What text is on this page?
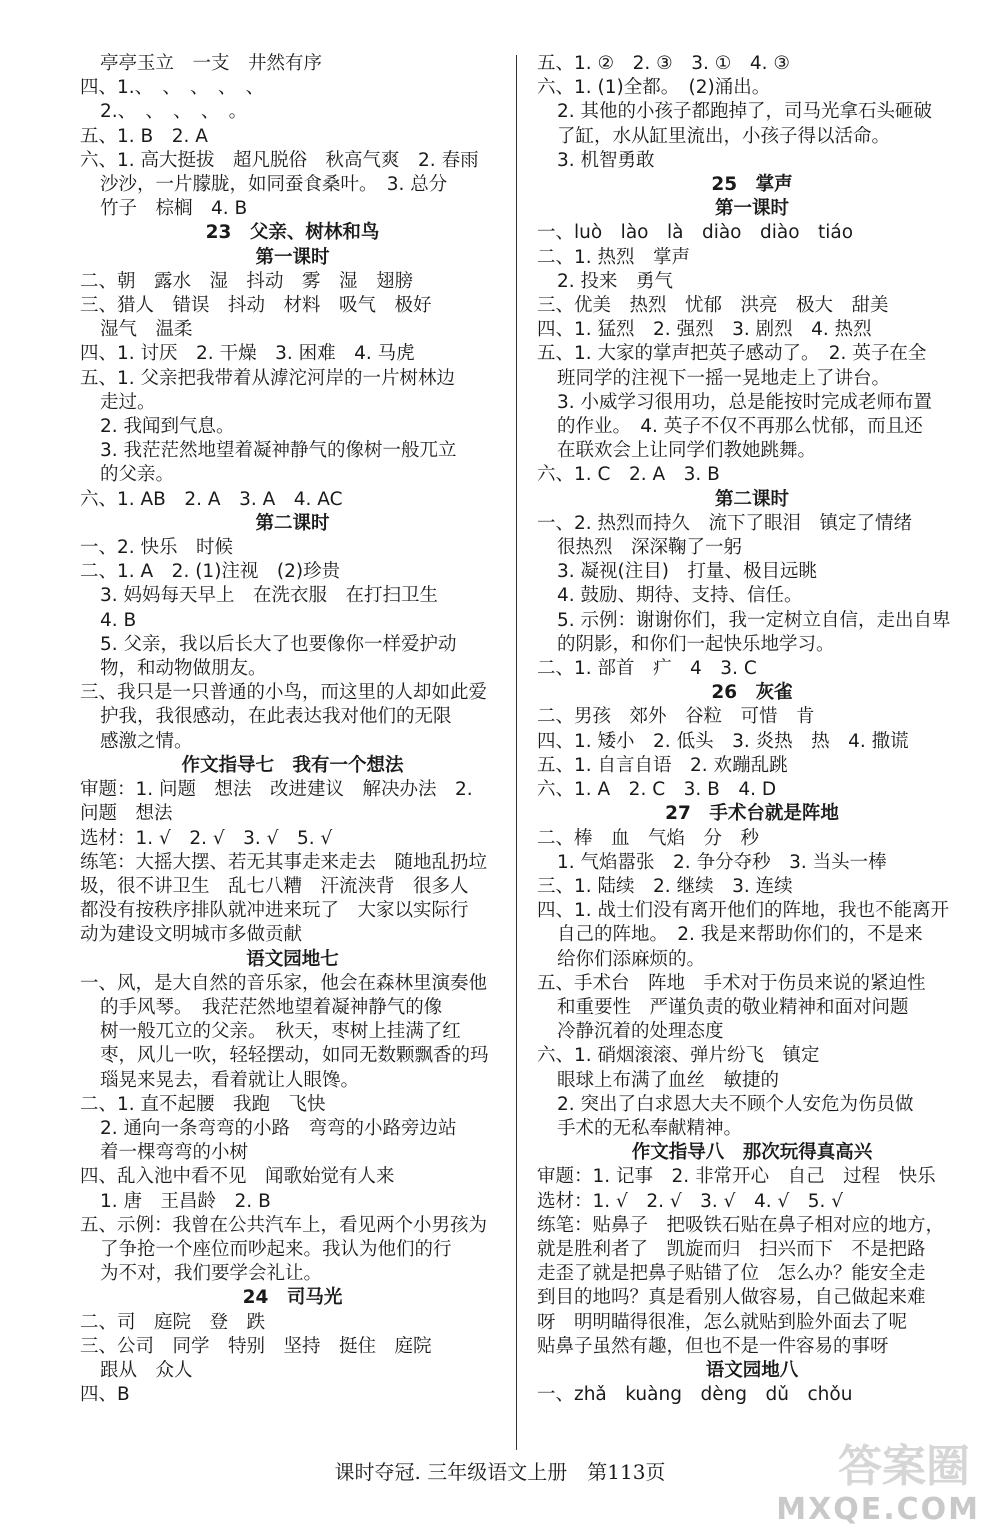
亭亭玉立　一支　井然有序
四、1.、　、　、　、　、
2.、　、　、　、　。
五、1. B　2. A
六、1. 高大挺拔　超凡脱俗　秋高气爽　2. 春雨
沙沙，一片朦胧，如同蚕食桑叶。　3. 总分
竹子　棕榈　4. B
23　父亲、树林和鸟
第一课时
二、朝　露水　湿　抖动　雾　湿　翅膀
三、猎人　错误　抖动　材料　吸气　极好
湿气　温柔
四、1. 讨厌　2. 干燥　3. 困难　4. 马虎
五、1. 父亲把我带着从滹沱河岸的一片树林边
走过。
2. 我闻到气息。
3. 我茫茫然地望着凝神静气的像树一般兀立
的父亲。
六、1. AB　2. A　3. A　4. AC
第二课时
一、2. 快乐　时候
二、1. A　2. (1)注视　(2)珍贵
3. 妈妈每天早上　在洗衣服　在打扫卫生
4. B
5. 父亲，我以后长大了也要像你一样爱护动
物，和动物做朋友。
三、我只是一只普通的小鸟，而这里的人却如此爱
护我，我很感动，在此表达我对他们的无限
感激之情。
作文指导七　我有一个想法
审题：1. 问题　想法　改进建议　解决办法　2.
问题　想法
选材：1. √　2. √　3. √　5. √
练笔：大摇大摆、若无其事走来走去　随地乱扔垃
圾，很不讲卫生　乱七八糟　汗流浃背　很多人
都没有按秩序排队就冲进来玩了　大家以实际行
动为建设文明城市多做贡献
语文园地七
一、风，是大自然的音乐家，他会在森林里演奏他
的手风琴。　我茫茫然地望着凝神静气的像
树一般兀立的父亲。　秋天，枣树上挂满了红
枣，风儿一吹，轻轻摆动，如同无数颗飘香的玛
瑙晃来晃去，看着就让人眼馋。
二、1. 直不起腰　我跑　飞快
2. 通向一条弯弯的小路　弯弯的小路旁边站
着一棵弯弯的小树
四、乱入池中看不见　闻歌始觉有人来
1. 唐　王昌龄　2. B
五、示例：我曾在公共汽车上，看见两个小男孩为
了争抢一个座位而吵起来。我认为他们的行
为不对，我们要学会礼让。
24　司马光
二、司　庭院　登　跌
三、公司　同学　特别　坚持　挺住　庭院
跟从　众人
四、B
五、1. ②　2. ③　3. ①　4. ③
六、1. (1)全都。　(2)涌出。
2. 其他的小孩子都跑掉了，司马光拿石头砸破
了缸，水从缸里流出，小孩子得以活命。
3. 机智勇敢
25　掌声
第一课时
一、luò　lào　là　diào　diào　tiáo
二、1. 热烈　掌声
2. 投来　勇气
三、优美　热烈　忧郁　洪亮　极大　甜美
四、1. 猛烈　2. 强烈　3. 剧烈　4. 热烈
五、1. 大家的掌声把英子感动了。　2. 英子在全
班同学的注视下一摇一晃地走上了讲台。
3. 小威学习很用功，总是能按时完成老师布置
的作业。　4. 英子不仅不再那么忧郁，而且还
在联欢会上让同学们教她跳舞。
六、1. C　2. A　3. B
第二课时
一、2. 热烈而持久　流下了眼泪　镇定了情绪
很热烈　深深鞠了一躬
3. 凝视(注目)　打量、极目远眺
4. 鼓励、期待、支持、信任。
5. 示例：谢谢你们，我一定树立自信，走出自卑
的阴影，和你们一起快乐地学习。
二、1. 部首　疒　4　3. C
26　灰雀
二、男孩　郊外　谷粒　可惜　肯
四、1. 矮小　2. 低头　3. 炎热　热　4. 撒谎
五、1. 自言自语　2. 欢蹦乱跳
六、1. A　2. C　3. B　4. D
27　手术台就是阵地
二、棒　血　气焰　分　秒
1. 气焰嚣张　2. 争分夺秒　3. 当头一棒
三、1. 陆续　2. 继续　3. 连续
四、1. 战士们没有离开他们的阵地，我也不能离开
自己的阵地。　2. 我是来帮助你们的，不是来
给你们添麻烦的。
五、手术台　阵地　手术对于伤员来说的紧迫性
和重要性　严谨负责的敬业精神和面对问题
冷静沉着的处理态度
六、1. 硝烟滚滚、弹片纷飞　镇定
眼球上布满了血丝　敏捷的
2. 突出了白求恩大夫不顾个人安危为伤员做
手术的无私奉献精神。
作文指导八　那次玩得真高兴
审题：1. 记事　2. 非常开心　自己　过程　快乐
选材：1. √　2. √　3. √　4. √　5. √
练笔：贴鼻子　把吸铁石贴在鼻子相对应的地方，
就是胜利者了　凯旋而归　扫兴而下　不是把路
走歪了就是把鼻子贴错了位　怎么办？能安全走
到目的地吗？真是看别人做容易，自己做起来难
呀　明明瞄得很准，怎么就贴到脸外面去了呢
贴鼻子虽然有趣，但也不是一件容易的事呀
语文园地八
一、zhǎ　kuàng　dèng　dǔ　chǒu
答案圈
MXQE.COM
课时夺冠. 三年级语文上册　第113页
